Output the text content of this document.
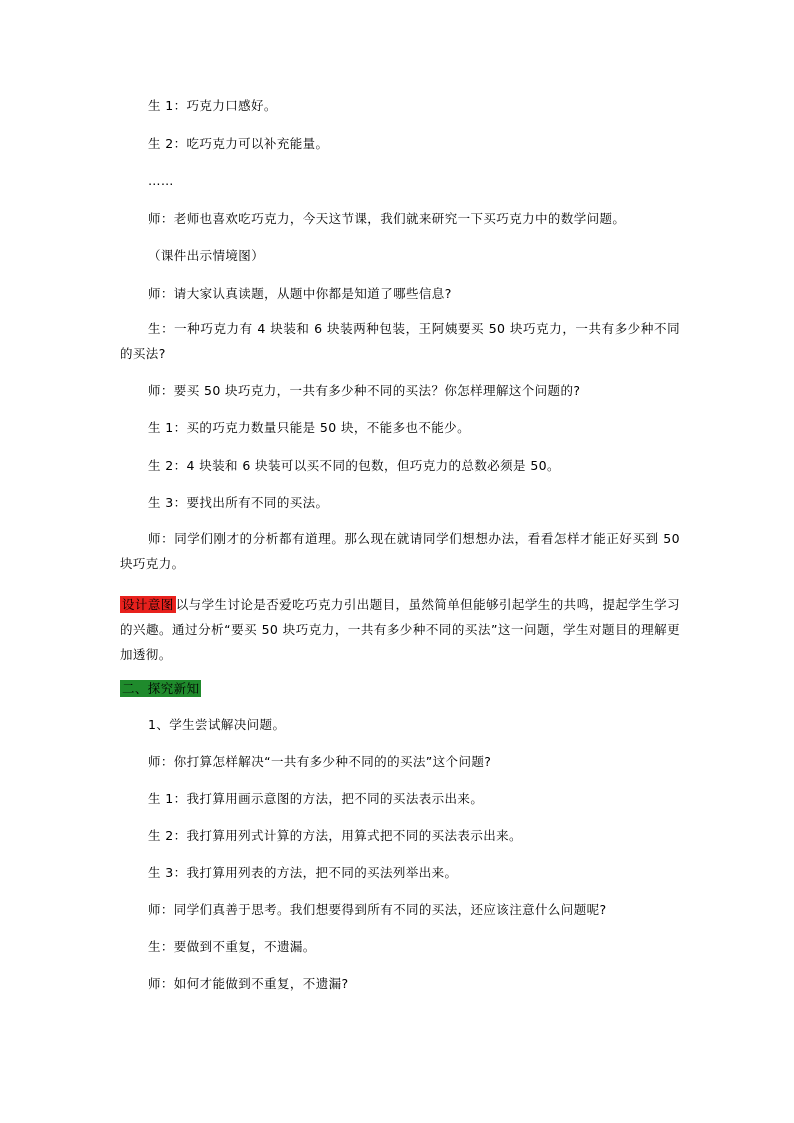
生 1：巧克力口感好。
生 2：吃巧克力可以补充能量。
……
师：老师也喜欢吃巧克力，今天这节课，我们就来研究一下买巧克力中的数学问题。
（课件出示情境图）
师：请大家认真读题，从题中你都是知道了哪些信息?
生：一种巧克力有 4 块装和 6 块装两种包装，王阿姨要买 50 块巧克力，一共有多少种不同的买法?
师：要买 50 块巧克力，一共有多少种不同的买法？你怎样理解这个问题的?
生 1：买的巧克力数量只能是 50 块，不能多也不能少。
生 2：4 块装和 6 块装可以买不同的包数，但巧克力的总数必须是 50。
生 3：要找出所有不同的买法。
师：同学们刚才的分析都有道理。那么现在就请同学们想想办法，看看怎样才能正好买到 50 块巧克力。
设计意图 以与学生讨论是否爱吃巧克力引出题目，虽然简单但能够引起学生的共鸣，提起学生学习的兴趣。通过分析“要买 50 块巧克力，一共有多少种不同的买法”这一问题，学生对题目的理解更加透彻。
二、探究新知
1、学生尝试解决问题。
师：你打算怎样解决“一共有多少种不同的的买法”这个问题?
生 1：我打算用画示意图的方法，把不同的买法表示出来。
生 2：我打算用列式计算的方法，用算式把不同的买法表示出来。
生 3：我打算用列表的方法，把不同的买法列举出来。
师：同学们真善于思考。我们想要得到所有不同的买法，还应该注意什么问题呢?
生：要做到不重复，不遗漏。
师：如何才能做到不重复，不遗漏?
